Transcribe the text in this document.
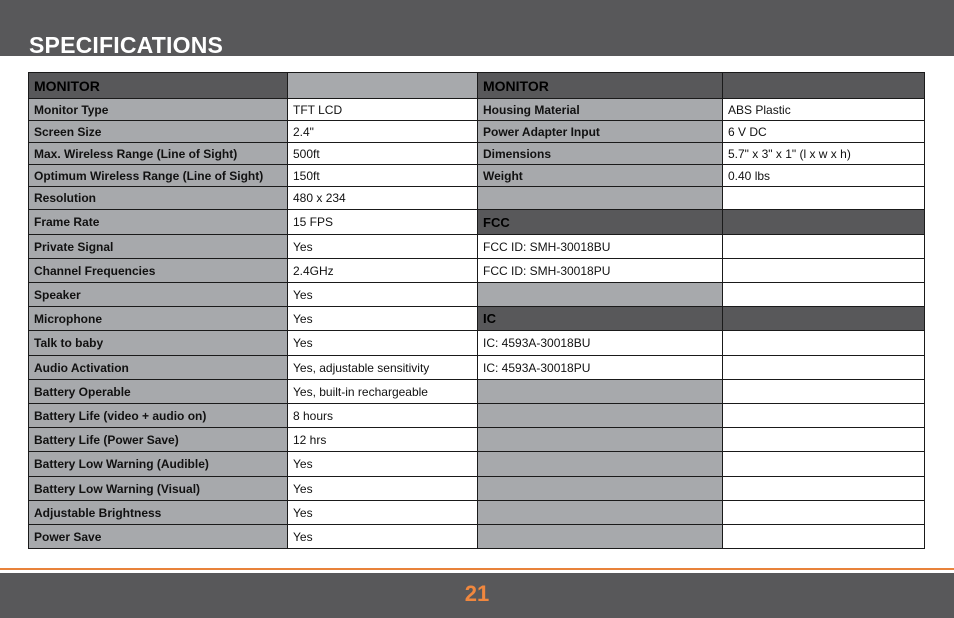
SPECIFICATIONS
MONITOR		MONITOR	
Monitor Type	TFT LCD	Housing Material	ABS Plastic
Screen Size	2.4"	Power Adapter Input	6 V DC
Max. Wireless Range (Line of Sight)	500ft	Dimensions	5.7" x 3" x 1" (l x w x h)
Optimum Wireless Range (Line of Sight)	150ft	Weight	0.40 lbs
Resolution	480 x 234		
Frame Rate	15 FPS	FCC	
Private Signal	Yes	FCC ID: SMH-30018BU	
Channel Frequencies	2.4GHz	FCC ID: SMH-30018PU	
Speaker	Yes		
Microphone	Yes	IC	
Talk to baby	Yes	IC: 4593A-30018BU	
Audio Activation	Yes, adjustable sensitivity	IC: 4593A-30018PU	
Battery Operable	Yes, built-in rechargeable		
Battery Life (video + audio on)	8 hours		
Battery Life (Power Save)	12 hrs		
Battery Low Warning (Audible)	Yes		
Battery Low Warning (Visual)	Yes		
Adjustable Brightness	Yes		
Power Save	Yes		
21
